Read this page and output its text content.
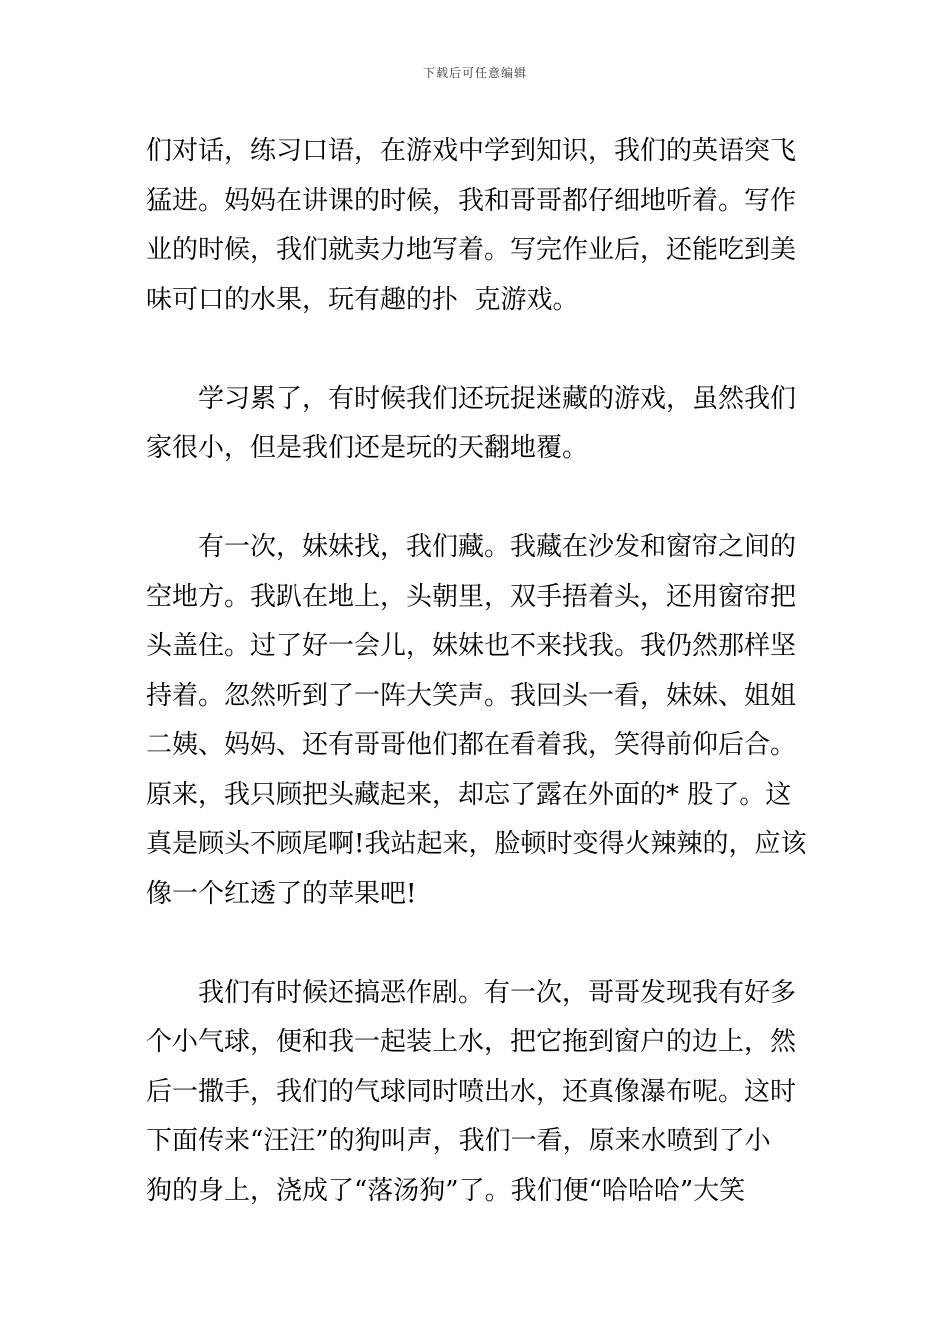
下载后可任意编辑
们对话，练习口语，在游戏中学到知识，我们的英语突飞
猛进。妈妈在讲课的时候，我和哥哥都仔细地听着。写作
业的时候，我们就卖力地写着。写完作业后，还能吃到美
味可口的水果，玩有趣的扑  克游戏。
学习累了，有时候我们还玩捉迷藏的游戏，虽然我们
家很小，但是我们还是玩的天翻地覆。
有一次，妹妹找，我们藏。我藏在沙发和窗帘之间的
空地方。我趴在地上，头朝里，双手捂着头，还用窗帘把
头盖住。过了好一会儿，妹妹也不来找我。我仍然那样坚
持着。忽然听到了一阵大笑声。我回头一看，妹妹、姐姐
二姨、妈妈、还有哥哥他们都在看着我，笑得前仰后合。
原来，我只顾把头藏起来，却忘了露在外面的* 股了。这
真是顾头不顾尾啊!我站起来，脸顿时变得火辣辣的，应该
像一个红透了的苹果吧!
我们有时候还搞恶作剧。有一次，哥哥发现我有好多
个小气球，便和我一起装上水，把它拖到窗户的边上，然
后一撒手，我们的气球同时喷出水，还真像瀑布呢。这时
下面传来“汪汪”的狗叫声，我们一看，原来水喷到了小
狗的身上，浇成了“落汤狗”了。我们便“哈哈哈”大笑
